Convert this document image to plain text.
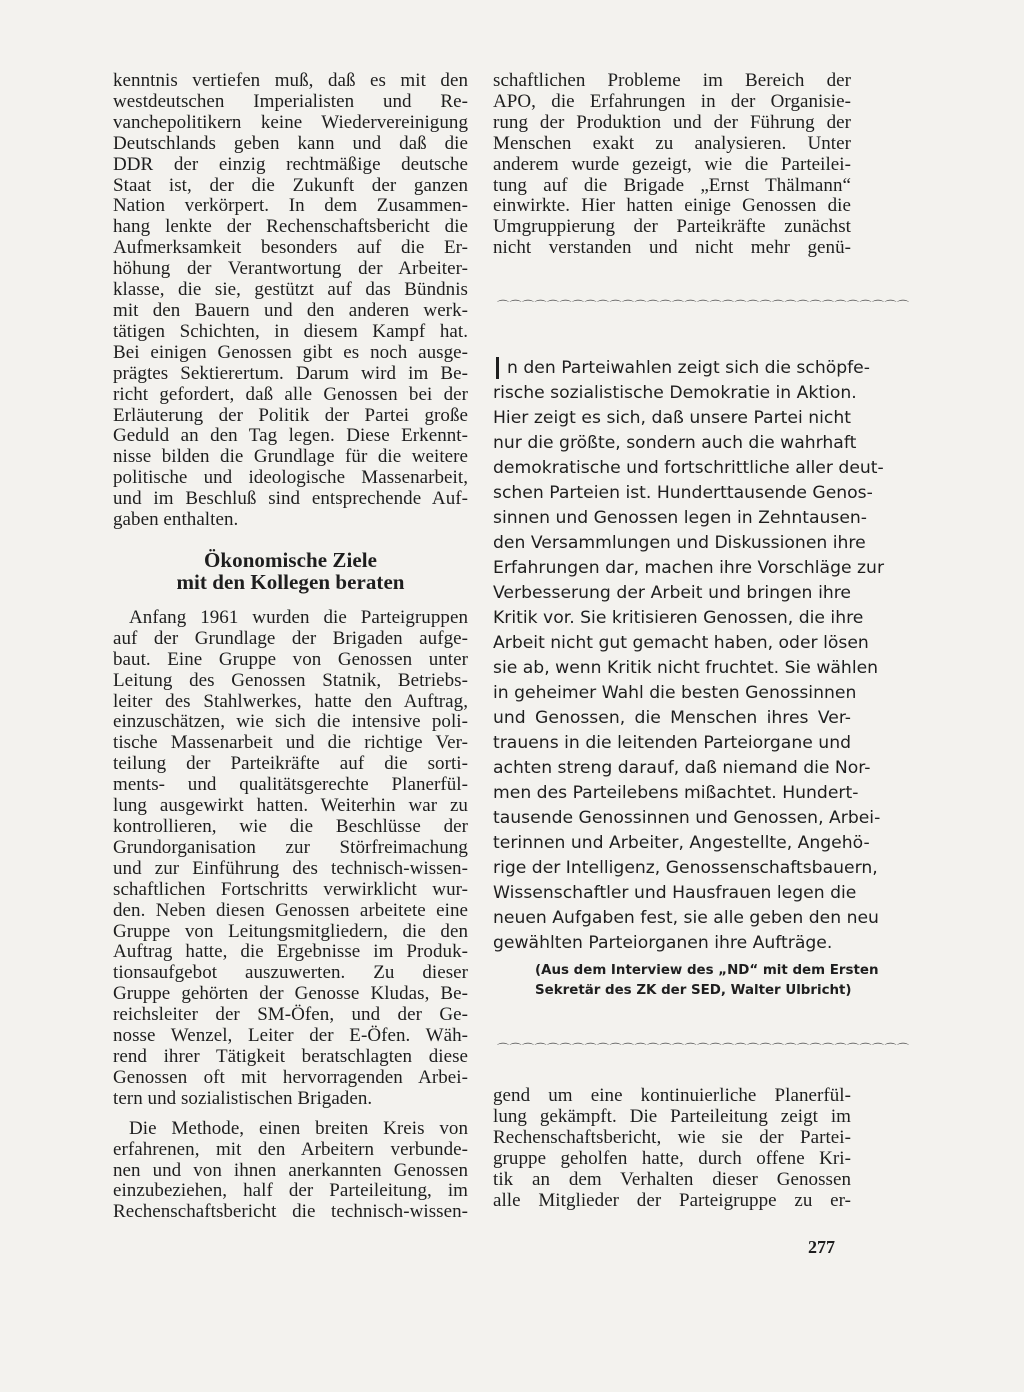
kenntnis vertiefen muß, daß es mit den
westdeutschen Imperialisten und Re-
vanchepolitikern keine Wiedervereinigung
Deutschlands geben kann und daß die
DDR der einzig rechtmäßige deutsche
Staat ist, der die Zukunft der ganzen
Nation verkörpert. In dem Zusammen-
hang lenkte der Rechenschaftsbericht die
Aufmerksamkeit besonders auf die Er-
höhung der Verantwortung der Arbeiter-
klasse, die sie, gestützt auf das Bündnis
mit den Bauern und den anderen werk-
tätigen Schichten, in diesem Kampf hat.
Bei einigen Genossen gibt es noch ausge-
prägtes Sektierertum. Darum wird im Be-
richt gefordert, daß alle Genossen bei der
Erläuterung der Politik der Partei große
Geduld an den Tag legen. Diese Erkennt-
nisse bilden die Grundlage für die weitere
politische und ideologische Massenarbeit,
und im Beschluß sind entsprechende Auf-
gaben enthalten.

Ökonomische Ziele
mit den Kollegen beraten

Anfang 1961 wurden die Parteigruppen
auf der Grundlage der Brigaden aufge-
baut. Eine Gruppe von Genossen unter
Leitung des Genossen Statnik, Betriebs-
leiter des Stahlwerkes, hatte den Auftrag,
einzuschätzen, wie sich die intensive poli-
tische Massenarbeit und die richtige Ver-
teilung der Parteikräfte auf die sorti-
ments- und qualitätsgerechte Planerfül-
lung ausgewirkt hatten. Weiterhin war zu
kontrollieren, wie die Beschlüsse der
Grundorganisation zur Störfreimachung
und zur Einführung des technisch-wissen-
schaftlichen Fortschritts verwirklicht wur-
den. Neben diesen Genossen arbeitete eine
Gruppe von Leitungsmitgliedern, die den
Auftrag hatte, die Ergebnisse im Produk-
tionsaufgebot auszuwerten. Zu dieser
Gruppe gehörten der Genosse Kludas, Be-
reichsleiter der SM-Öfen, und der Ge-
nosse Wenzel, Leiter der E-Öfen. Wäh-
rend ihrer Tätigkeit beratschlagten diese
Genossen oft mit hervorragenden Arbei-
tern und sozialistischen Brigaden.

Die Methode, einen breiten Kreis von
erfahrenen, mit den Arbeitern verbunde-
nen und von ihnen anerkannten Genossen
einzubeziehen, half der Parteileitung, im
Rechenschaftsbericht die technisch-wissen-

schaftlichen Probleme im Bereich der
APO, die Erfahrungen in der Organisie-
rung der Produktion und der Führung der
Menschen exakt zu analysieren. Unter
anderem wurde gezeigt, wie die Parteilei-
tung auf die Brigade „Ernst Thälmann“
einwirkte. Hier hatten einige Genossen die
Umgruppierung der Parteikräfte zunächst
nicht verstanden und nicht mehr genü-

⌒⌒⌒⌒⌒⌒⌒⌒⌒⌒⌒⌒⌒⌒⌒⌒⌒⌒⌒⌒⌒⌒⌒⌒⌒⌒⌒⌒⌒⌒⌒⌒⌒
n den Parteiwahlen zeigt sich die schöpfe-
rische sozialistische Demokratie in Aktion.
Hier zeigt es sich, daß unsere Partei nicht
nur die größte, sondern auch die wahrhaft
demokratische und fortschrittliche aller deut-
schen Parteien ist. Hunderttausende Genos-
sinnen und Genossen legen in Zehntausen-
den Versammlungen und Diskussionen ihre
Erfahrungen dar, machen ihre Vorschläge zur
Verbesserung der Arbeit und bringen ihre
Kritik vor. Sie kritisieren Genossen, die ihre
Arbeit nicht gut gemacht haben, oder lösen
sie ab, wenn Kritik nicht fruchtet. Sie wählen
in geheimer Wahl die besten Genossinnen
und Genossen, die Menschen ihres Ver-
trauens in die leitenden Parteiorgane und
achten streng darauf, daß niemand die Nor-
men des Parteilebens mißachtet. Hundert-
tausende Genossinnen und Genossen, Arbei-
terinnen und Arbeiter, Angestellte, Angehö-
rige der Intelligenz, Genossenschaftsbauern,
Wissenschaftler und Hausfrauen legen die
neuen Aufgaben fest, sie alle geben den neu
gewählten Parteiorganen ihre Aufträge.
(Aus dem Interview des „ND“ mit dem Ersten
Sekretär des ZK der SED, Walter Ulbricht)
⌒⌒⌒⌒⌒⌒⌒⌒⌒⌒⌒⌒⌒⌒⌒⌒⌒⌒⌒⌒⌒⌒⌒⌒⌒⌒⌒⌒⌒⌒⌒⌒⌒

gend um eine kontinuierliche Planerfül-
lung gekämpft. Die Parteileitung zeigt im
Rechenschaftsbericht, wie sie der Partei-
gruppe geholfen hatte, durch offene Kri-
tik an dem Verhalten dieser Genossen
alle Mitglieder der Parteigruppe zu er-

277
